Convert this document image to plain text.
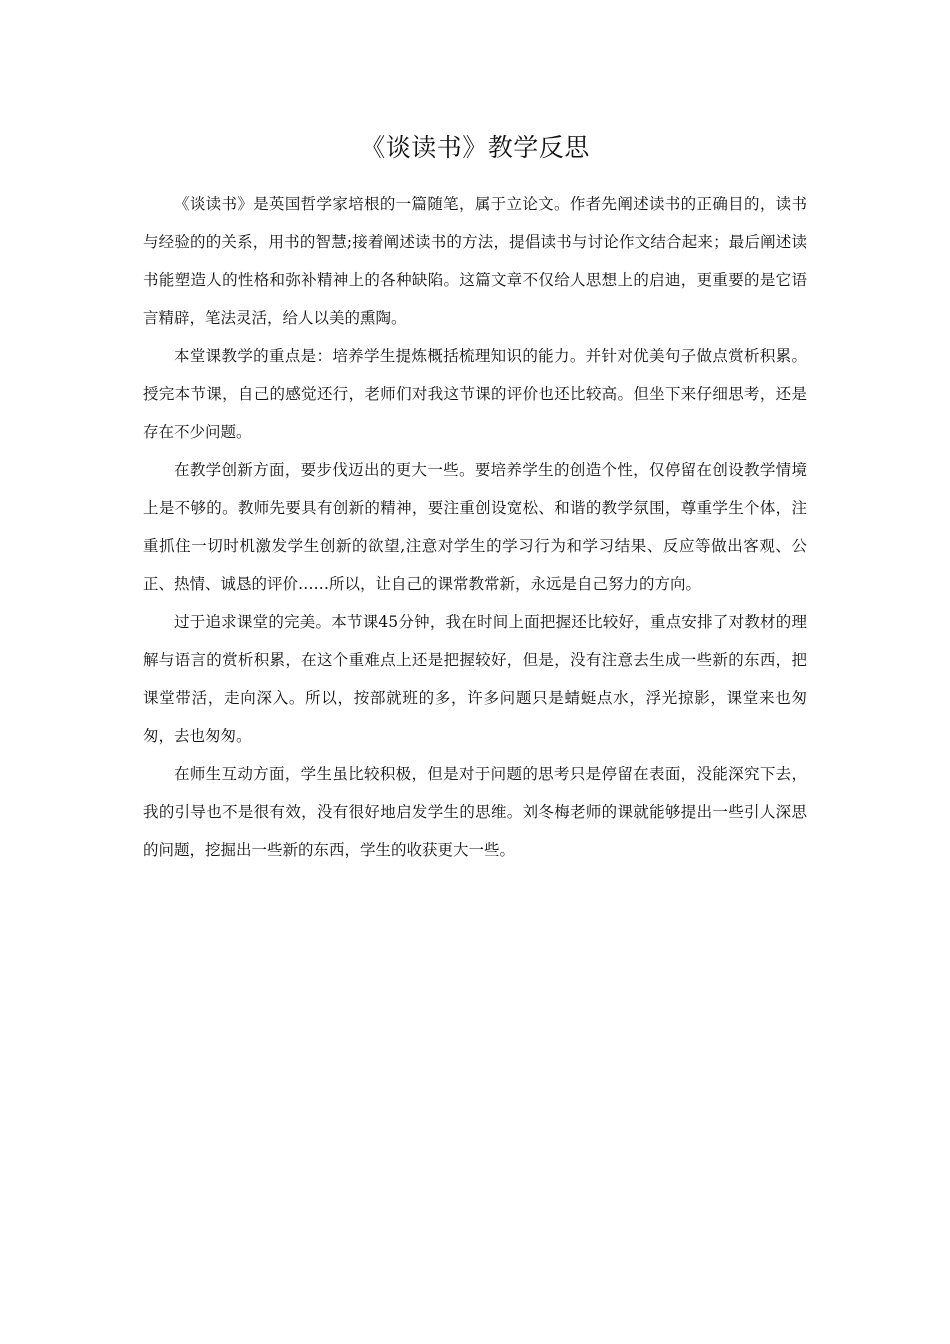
《谈读书》教学反思

《谈读书》是英国哲学家培根的一篇随笔，属于立论文。作者先阐述读书的正确目的，读书与经验的的关系，用书的智慧;接着阐述读书的方法，提倡读书与讨论作文结合起来；最后阐述读书能塑造人的性格和弥补精神上的各种缺陷。这篇文章不仅给人思想上的启迪，更重要的是它语言精辟，笔法灵活，给人以美的熏陶。

本堂课教学的重点是：培养学生提炼概括梳理知识的能力。并针对优美句子做点赏析积累。授完本节课，自己的感觉还行，老师们对我这节课的评价也还比较高。但坐下来仔细思考，还是存在不少问题。

在教学创新方面，要步伐迈出的更大一些。要培养学生的创造个性，仅停留在创设教学情境上是不够的。教师先要具有创新的精神，要注重创设宽松、和谐的教学氛围，尊重学生个体，注重抓住一切时机激发学生创新的欲望,注意对学生的学习行为和学习结果、反应等做出客观、公正、热情、诚恳的评价……所以，让自己的课常教常新，永远是自己努力的方向。

过于追求课堂的完美。本节课45分钟，我在时间上面把握还比较好，重点安排了对教材的理解与语言的赏析积累，在这个重难点上还是把握较好，但是，没有注意去生成一些新的东西，把课堂带活，走向深入。所以，按部就班的多，许多问题只是蜻蜓点水，浮光掠影，课堂来也匆匆，去也匆匆。

在师生互动方面，学生虽比较积极，但是对于问题的思考只是停留在表面，没能深究下去，我的引导也不是很有效，没有很好地启发学生的思维。刘冬梅老师的课就能够提出一些引人深思的问题，挖掘出一些新的东西，学生的收获更大一些。
